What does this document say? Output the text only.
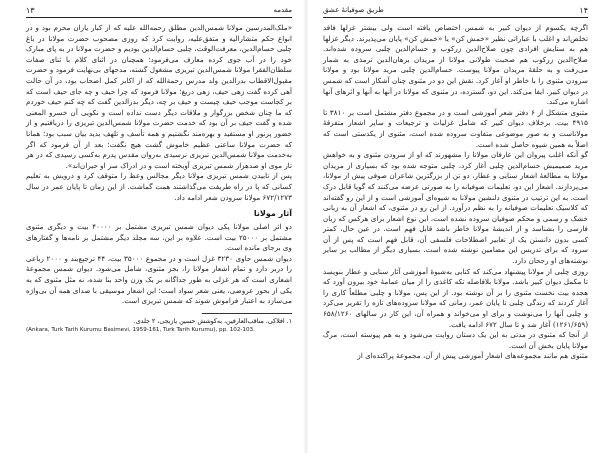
۱۳	مقدمه

«ملک‌المدرسین مولانا شمس‌الدین مطلق رحمه‌الله علیه که از کبار یاران محرم بود و در انواع حکم متشارالیه و متفق‌علیه، روایت کرد که روزی مصحوب حضرت مولانا در باغ چلبی حسام‌الدین، معرفت‌الوقت، چلبی حسام‌الدین بودیم و حضرت مولانا در به پای مبارک خود را در آب جوی کرده معارف می‌فرمود؛ همچنان در اثنای کلام با ثنای صفات سلطان‌الفقرا مولانا شمس‌الدین تبریزی مشغول گشته، مدحهای بی‌نهایت فرمود و حضرت مقبول‌الاقطاب بدرالدین ولد مدرس رحمة‌الله که از اکابر کمل اصحاب بود، در آن حالت آهی کرده گفت زهی حیف، زهی دریغ؛ مولانا فرمود که چرا حیف و چه جای حیف است که بر کجاست موجب حیف چیست و حیف بر چه، دیگر بدرالدین گفت که چه کنم حیف خوردم که ما چنان شخص بزرگوار و ملاقات دیگر دست نداده است و نکویی آن خسرو المعنی شده و گفت حیف بر آن بود که خدمت حضرت مولانا شمس‌الدین تبریزی را دریافتیم و از حضور پرنور او مستفید و بهره‌مند نگشتیم و همه تأسف و تلهف بدید بیان سبب بود؛ همانا که حضرت مولانا ساعتی عظیم خاموش گشت هیچ نگفت؛ بعد از آن فرمود که اگر به‌خدمت مولانا شمس‌الدین تبریزی نرسیدی به‌روان مقدس پدرم به‌کسی رسیدی که در هر تار موی او صدهزار شمس تبریزی آویخته است و در ادراک سر او حیران‌اند».

پس از تابیدن شمس تبریزی مولانا دیگر مجالس وعظ را متوقف کرد و درویش به تعلیم کسانی که پا در راه طریقت می‌گذاشتند همت گماشت. از این زمان تا پایان عمر در سال ۶۷۲/۱۲۷۳ مولانا سرودن شعر ادامه داد.

آثار مولانا

دو اثر اصلی مولانا یکی دیوان شمس تبریزی مشتمل بر ۴۰۰۰۰ بیت و دیگری مثنوی مشتمل بر ۲۵۰۰۰ بیت است. علاوه بر این، سه مجلد دیگر مشتمل بر نامه‌ها و گفتارهای وی برجای مانده است.

دیوان شمس حاوی ۳۲۳۰ غزل است و در مجموع ۳۵۰۰۰ بیت، ۴۴ ترجیع‌بند و ۲۰۰۰ رباعی را دربر دارد و تمام اشعار مولانا را، بجز مثنوی، شامل می‌شود. دیوان شمس مجموعهٔ اشعاری است که هر غزلی به طور جداگانه بر یک وزن واحد بنا شده، نه مثل مثنوی که به یکی از بحور عروضی، یعنی شعر سواد است؛ این اشعار موسیقی با صدای همه آن بی‌واژه می‌سازد به اعتبار فراموش شوند که شمس تبریزی است.

۱. افلاکی، مناقب‌العارفین، به‌کوشش حسین یازیجی، ۲ جلدی.

(Ankara, Turk Tarih Kurumu Basimevi, 1959-161, Turk Tarih Kurumu), pp. 102-103.

طریق صوفیانهٔ عشق	۱۴

اگرچه یکسوم از دیوان کبیر به شمس اختصاص یافته است ولی بیشتر غزلها فاقد تخلص‌اند و اغلب با عباراتی نظیر «خمش کن» یا «خمش کن» پایان می‌پذیرند. دیگر غزلها هم به ستایش افرادی چون صلاح‌الدین زرکوب و حسام‌الدین چلبی سروده شده‌اند. صلاح‌الدین زرکوب هم صحبت طولانی مولانا از مریدان برهان‌الدین ترمذی به شمار می‌رفت و به حلقهٔ مریدان مولانا پیوست. حسام‌الدین چلبی مرید مولانا بود و مولانا سرودن مثنوی را با خاطر او آغاز کرد. نقش این دو در مثنوی چنان آشکار است که شمس در دیوان کبیر. ایفا می‌کند. این دو، گسترده، در مثنوی که مولانا در آنها به آنها و اثرهای آنها اشاره می‌کند.

مثنوی متشکل از ۶ دفتر شعر آموزشی است و در مجموع دفتر مشتمل است بر ۳۸۱۰ تا ۴۹۱۵ بیت. برخلاف دیوان کبیر که شامل غزلیات و ترجیعات و سایر اشعار متفرقهٔ مولاناست و به صور موضوعی متفاوت سروده شده است، مثنوی از یکدستی است که اصلاً به همین شیوه حاصل شده است.

گو آنکه اغلب پیروان این عارفان مولانا را مشهورند که او از سرودن مثنوی و به خواهش مرید صمیمیش حسام‌الدین چلبی آغاز کرد، چلبی متوجه شده بود که بسیاری از مریدان مولانا به مطالعهٔ اشعار سنایی و عطار، دو تن از بزرگترین شاعران صوفی پیش از مولانا، می‌پردازند. اشعار این دو، تعلیمات صوفیانه را به صورتی عرضه می‌کنند که گویا قابل درک است. به این ترتیب در مثنوی دلنشین مولانا به شیوه‌ای آموزشی است و از این رو گفته‌اند که کلاسیک تعلیمات صوفیانه را به نظم درآورد. از این رو در مثنوی، که اشعار آن به زبانی خشک و رسمی و محکم صوفیان سروده نشده است، این نوع اشعار برای هرکس که زبان فارسی را بشناسد و از اندیشهٔ مولانا خاطر باشد قابل فهم است. در عین حال، کمتر کسی بدون دانستن یک از تعابیر اصطلاحات فلسفی آن، قابل فهم است که پس از آن سرود که برای تدریس این مضامین نوشته شده است. بسیاری دیگر از مطالب بر سایر نوشته‌های او رجحان دارد.

روزی چلبی از مولانا پیشنهاد می‌کند که کتابی به‌شیوهٔ آموزشی آثار سنایی و عطار بنویسد تا مکمل دیوان کبیر باشد. مولانا بلافاصله تکه کاغذی را از میان عمامهٔ خود بیرون آورد که هجده بیت نخست مثنوی را بر آن نوشته بود. از این پس، مولانا و چلبی مطلعاً کاری را آغاز کردند که زندگی چلبی تا پایان عمر، زمانی که مولانا سروده‌های تازه را تقریر می‌کرد و چلبی آنها را می‌نوشت و برای او می‌خواند و همراه آن، این کار در سالهای ۶۵۸/۱۲۶۰ (۱۲۶۱/۶۵۹) آغاز شد و تا سال ۶۷۲ ادامه یافت.

از آنجا که مثنوی در مدتی به این یک دستان روایت می‌شود و به هم پیوسته است، مرگ مولانا پایان بخش آن است.

مثنوی هم مانند مجموعه‌های اشعار آموزشی پیش از آن، مجموعهٔ پراکنده‌ای از
